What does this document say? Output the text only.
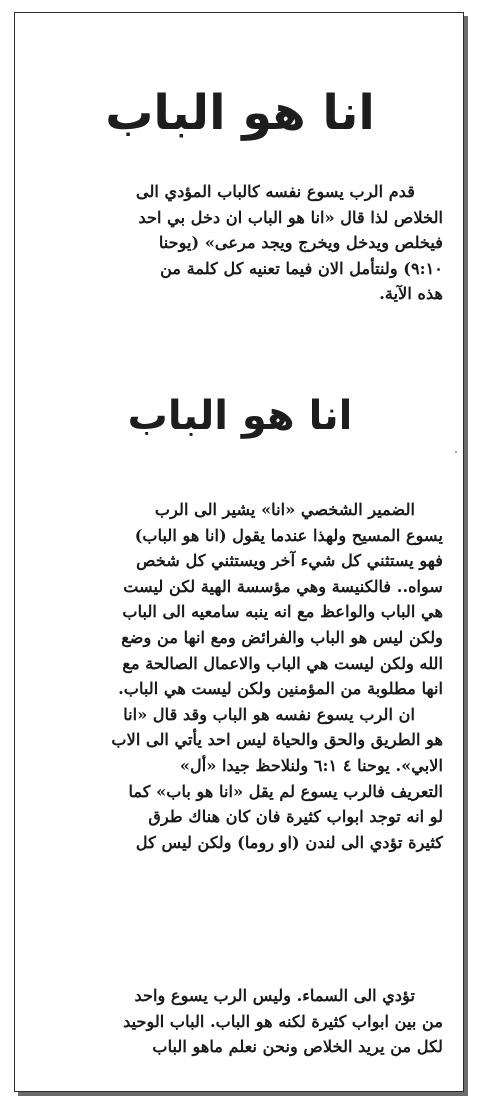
انا هو الباب

قدم الرب يسوع نفسه كالباب المؤدي الى
الخلاص لذا قال «انا هو الباب ان دخل بي احد
فيخلص ويدخل ويخرج ويجد مرعى» (يوحنا
٩:١٠) ولنتأمل الان فيما تعنيه كل كلمة من
هذه الآية.

انا هو الباب

الضمير الشخصي «انا» يشير الى الرب
يسوع المسيح ولهذا عندما يقول (انا هو الباب)
فهو يستثني كل شيء آخر ويستثني كل شخص
سواه.. فالكنيسة وهي مؤسسة الهية لكن ليست
هي الباب والواعظ مع انه ينبه سامعيه الى الباب
ولكن ليس هو الباب والفرائض ومع انها من وضع
الله ولكن ليست هي الباب والاعمال الصالحة مع
انها مطلوبة من المؤمنين ولكن ليست هي الباب.
ان الرب يسوع نفسه هو الباب وقد قال «انا
هو الطريق والحق والحياة ليس احد يأتي الى الاب
الابي». يوحنا ٤ ٦:١ ولنلاحظ جيدا «أل»
التعريف فالرب يسوع لم يقل «انا هو باب» كما
لو انه توجد ابواب كثيرة فان كان هناك طرق
كثيرة تؤدي الى لندن (او روما) ولكن ليس كل

تؤدي الى السماء. وليس الرب يسوع واحد
من بين ابواب كثيرة لكنه هو الباب. الباب الوحيد
لكل من يريد الخلاص ونحن نعلم ماهو الباب
